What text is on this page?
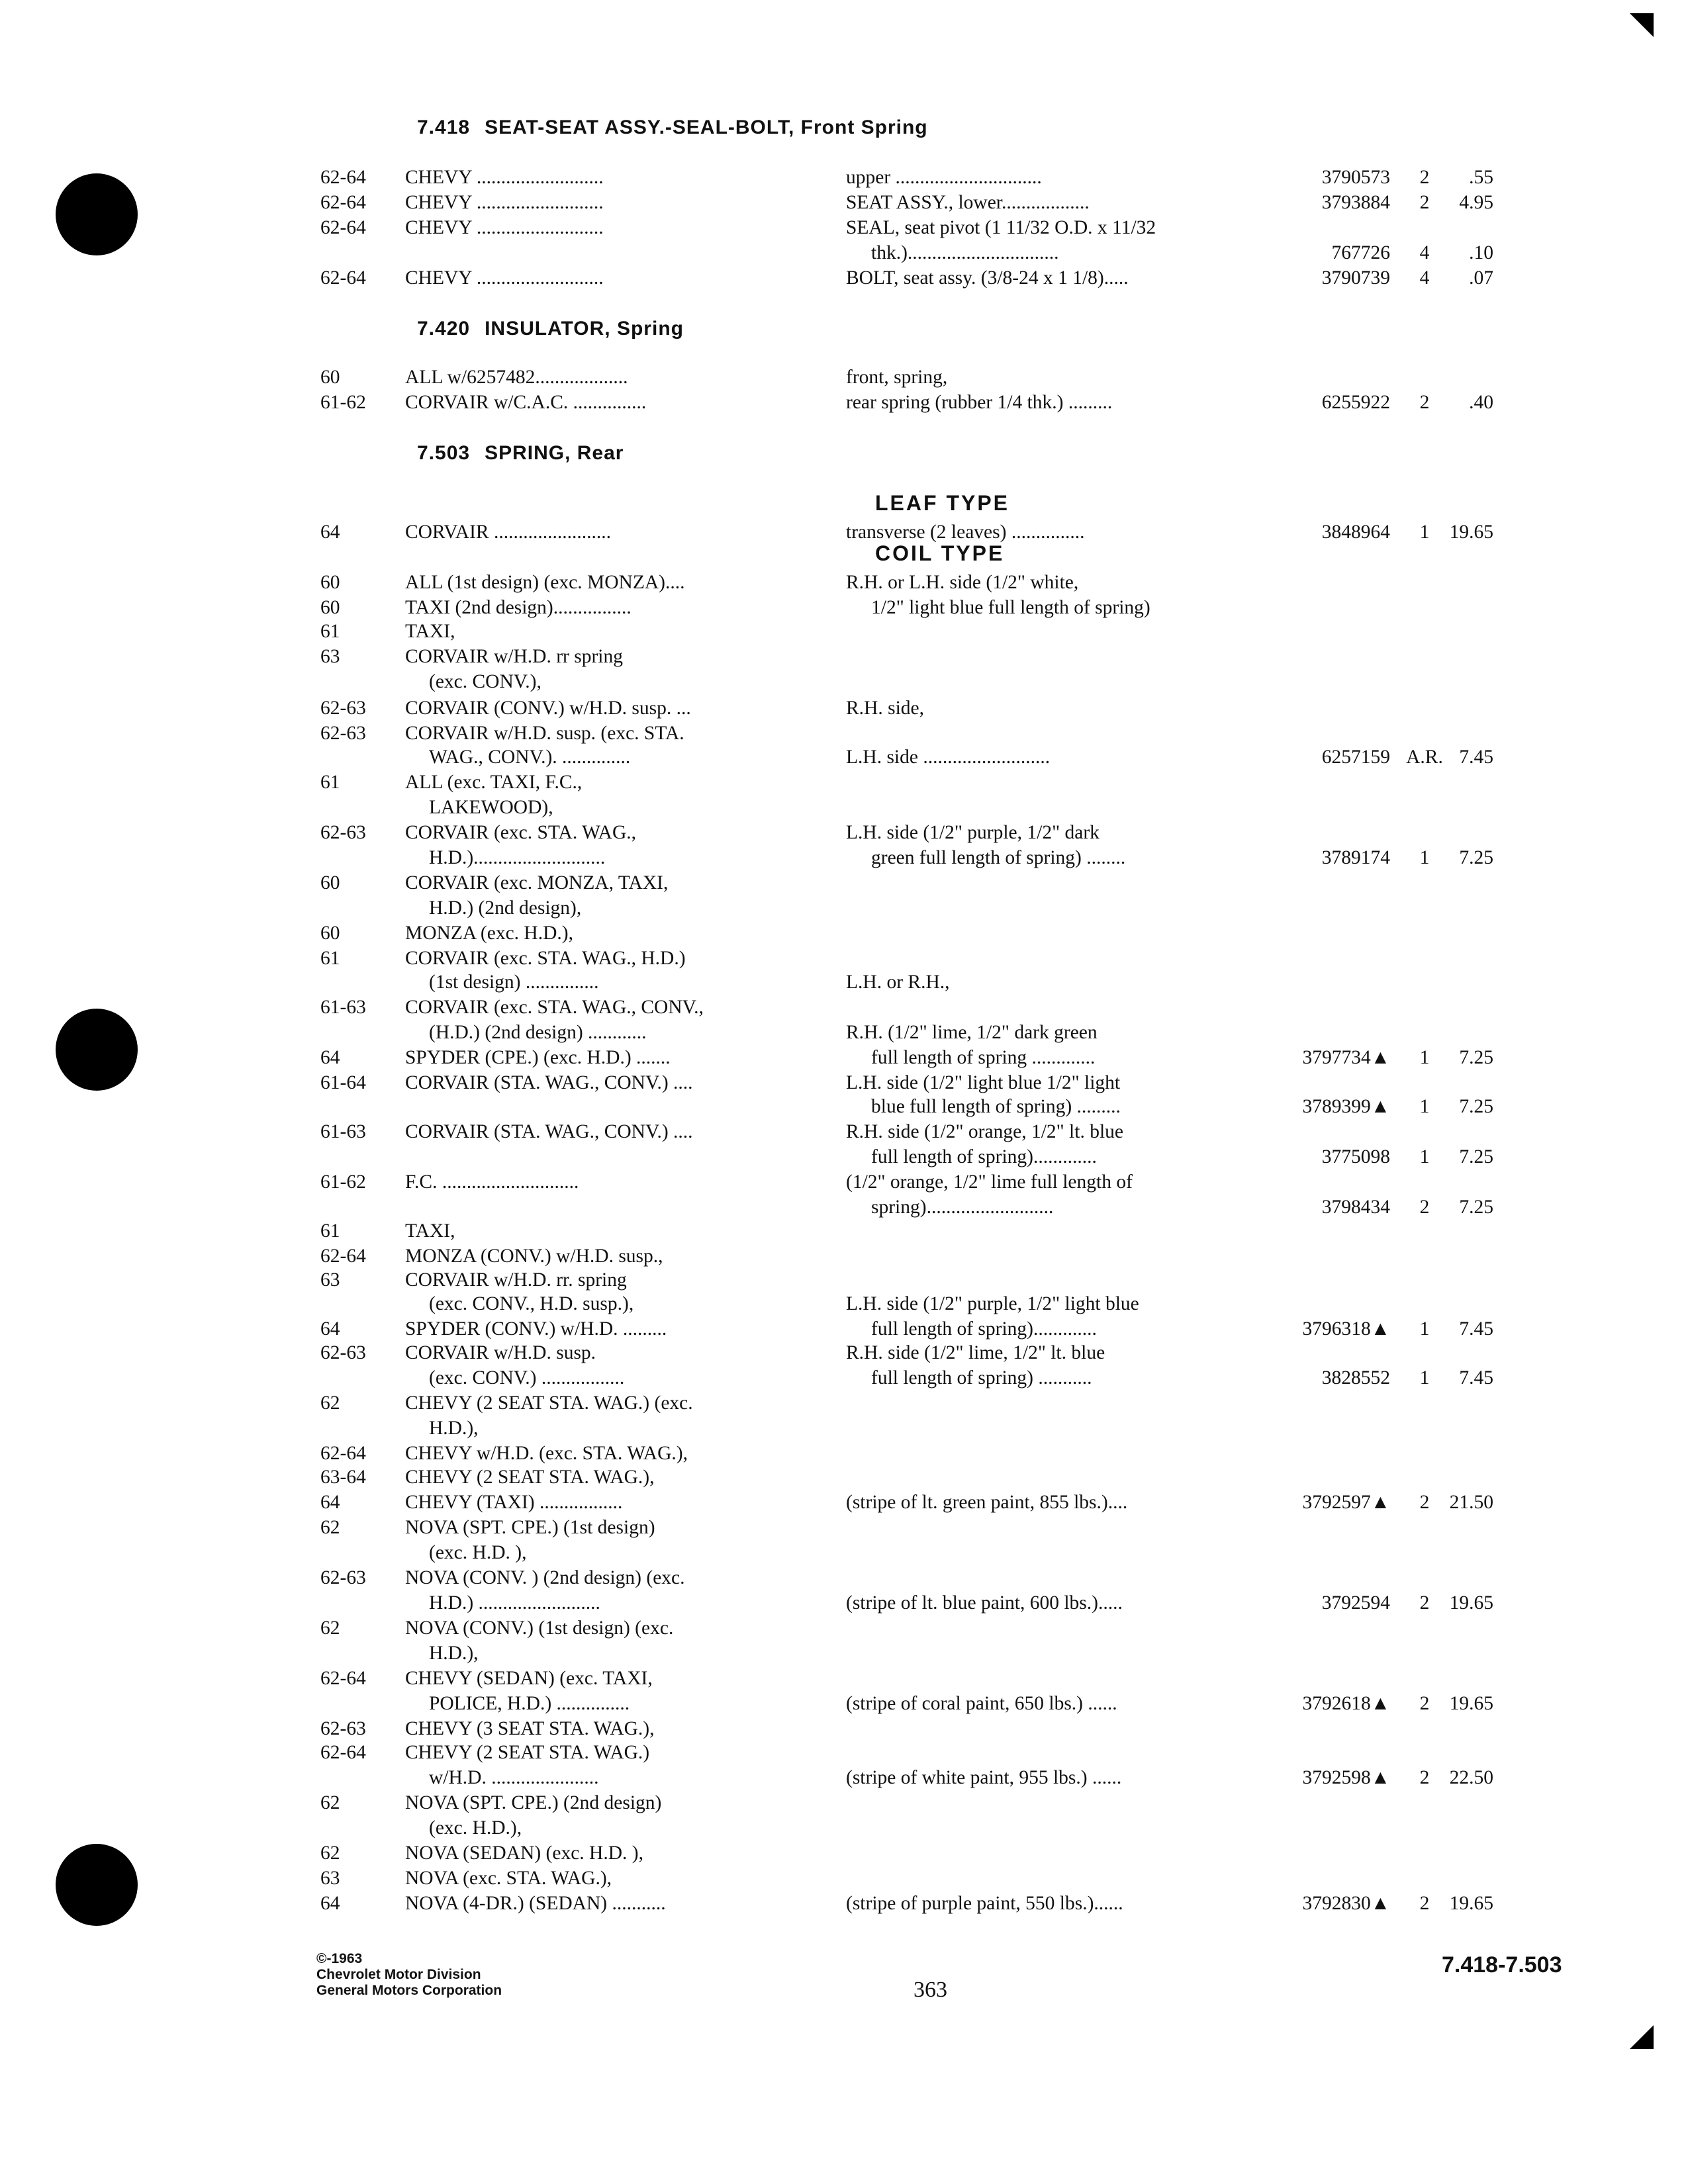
7.418 SEAT-SEAT ASSY.-SEAL-BOLT, Front Spring
7.420 INSULATOR, Spring
7.503 SPRING, Rear
LEAF TYPE
COIL TYPE
62-64	CHEVY ..........................	upper ..............................	3790573	2	.55
62-64	CHEVY ..........................	SEAT ASSY., lower..................	3793884	2	4.95
62-64	CHEVY ..........................	SEAL, seat pivot (1 11/32 O.D. x 11/32
thk.)...............................	767726	4	.10
62-64	CHEVY ..........................	BOLT, seat assy. (3/8-24 x 1 1/8).....	3790739	4	.07
60	ALL w/6257482...................	front, spring,
61-62	CORVAIR w/C.A.C. ...............	rear spring (rubber 1/4 thk.) .........	6255922	2	.40
64	CORVAIR ........................	transverse (2 leaves) ...............	3848964	1	19.65
60	ALL (1st design) (exc. MONZA)....	R.H. or L.H. side (1/2" white,
60	TAXI (2nd design)................	1/2" light blue full length of spring)
61	TAXI,
63	CORVAIR w/H.D. rr spring
(exc. CONV.),
62-63	CORVAIR (CONV.) w/H.D. susp. ...	R.H. side,
62-63	CORVAIR w/H.D. susp. (exc. STA.
WAG., CONV.). ..............	L.H. side ..........................	6257159 A.R. 7.45
61	ALL (exc. TAXI, F.C.,
LAKEWOOD),
62-63	CORVAIR (exc. STA. WAG.,	L.H. side (1/2" purple, 1/2" dark
H.D.)...........................	green full length of spring) ........	3789174	1	7.25
60	CORVAIR (exc. MONZA, TAXI,
H.D.) (2nd design),
60	MONZA (exc. H.D.),
61	CORVAIR (exc. STA. WAG., H.D.)
(1st design) ...............	L.H. or R.H.,
61-63	CORVAIR (exc. STA. WAG., CONV.,
(H.D.) (2nd design) ............	R.H. (1/2" lime, 1/2" dark green
64	SPYDER (CPE.) (exc. H.D.) .......	full length of spring .............	3797734▲	1	7.25
61-64	CORVAIR (STA. WAG., CONV.) ....	L.H. side (1/2" light blue 1/2" light
blue full length of spring) .........	3789399▲	1	7.25
61-63	CORVAIR (STA. WAG., CONV.) ....	R.H. side (1/2" orange, 1/2" lt. blue
full length of spring).............	3775098	1	7.25
61-62	F.C. ............................	(1/2" orange, 1/2" lime full length of
spring)..........................	3798434	2	7.25
61	TAXI,
62-64	MONZA (CONV.) w/H.D. susp.,
63	CORVAIR w/H.D. rr. spring
(exc. CONV., H.D. susp.),	L.H. side (1/2" purple, 1/2" light blue
64	SPYDER (CONV.) w/H.D. .........	full length of spring).............	3796318▲	1	7.45
62-63	CORVAIR w/H.D. susp.	R.H. side (1/2" lime, 1/2" lt. blue
(exc. CONV.) .................	full length of spring) ...........	3828552	1	7.45
62	CHEVY (2 SEAT STA. WAG.) (exc.
H.D.),
62-64	CHEVY w/H.D. (exc. STA. WAG.),
63-64	CHEVY (2 SEAT STA. WAG.),
64	CHEVY (TAXI) .................	(stripe of lt. green paint, 855 lbs.)....	3792597▲	2	21.50
62	NOVA (SPT. CPE.) (1st design)
(exc. H.D. ),
62-63	NOVA (CONV. ) (2nd design) (exc.
H.D.) .........................	(stripe of lt. blue paint, 600 lbs.).....	3792594	2	19.65
62	NOVA (CONV.) (1st design) (exc.
H.D.),
62-64	CHEVY (SEDAN) (exc. TAXI,
POLICE, H.D.) ...............	(stripe of coral paint, 650 lbs.) ......	3792618▲	2	19.65
62-63	CHEVY (3 SEAT STA. WAG.),
62-64	CHEVY (2 SEAT STA. WAG.)
w/H.D. ......................	(stripe of white paint, 955 lbs.) ......	3792598▲	2	22.50
62	NOVA (SPT. CPE.) (2nd design)
(exc. H.D.),
62	NOVA (SEDAN) (exc. H.D. ),
63	NOVA (exc. STA. WAG.),
64	NOVA (4-DR.) (SEDAN) ...........	(stripe of purple paint, 550 lbs.)......	3792830▲	2	19.65
©-1963
Chevrolet Motor Division
General Motors Corporation	363
7.418-7.503
